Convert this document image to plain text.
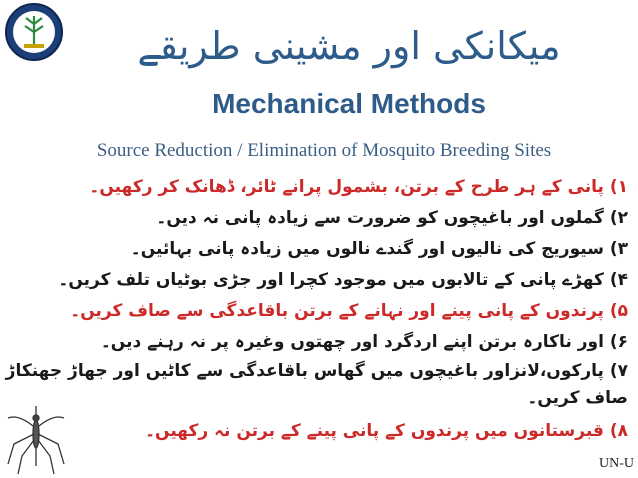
میکانکی اور مشینی طریقے
Mechanical Methods
Source Reduction / Elimination of Mosquito Breeding Sites
۱) پانی کے ہر طرح کے برتن، بشمول پرانے ٹائر، ڈھانک کر رکھیں۔
۲) گملوں اور باغیچوں کو ضرورت سے زیادہ پانی نہ دیں۔
۳) سیوریج کی نالیوں اور گندے نالوں میں زیادہ پانی بہائیں۔
۴) کھڑے پانی کے تالابوں میں موجود کچرا اور جڑی بوٹیاں تلف کریں۔
۵) پرندوں کے پانی پینے اور نہانے کے برتن باقاعدگی سے صاف کریں۔
۶) اور ناکارہ برتن اپنے اردگرد اور چھتوں وغیرہ پر نہ رہنے دیں۔
۷) پارکوں،لانزاور باغیچوں میں گھاس باقاعدگی سے کاٹیں اور جھاڑ جھنکاڑ صاف کریں۔
۸) قبرستانوں میں پرندوں کے پانی پینے کے برتن نہ رکھیں۔
UN-U
